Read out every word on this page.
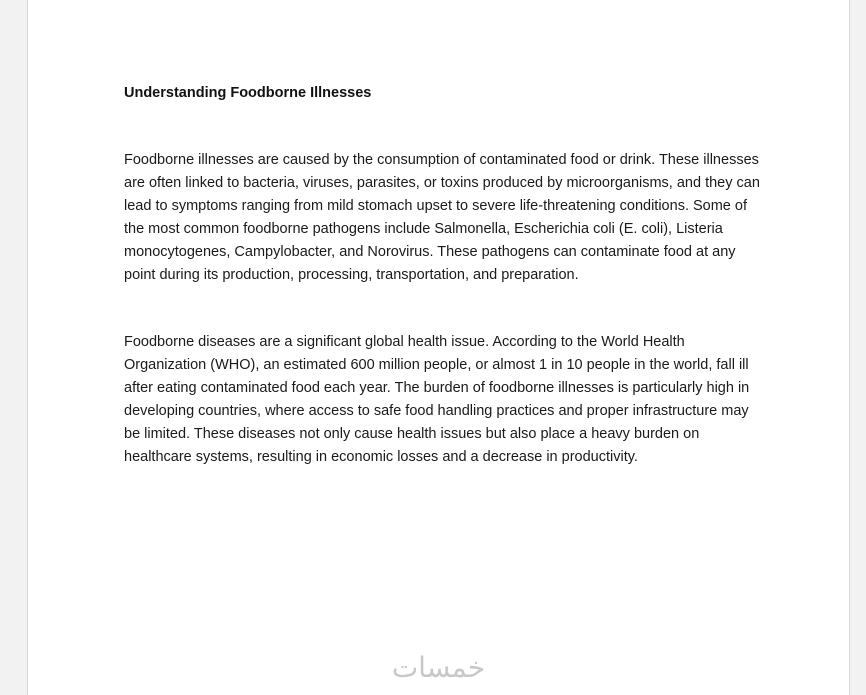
Understanding Foodborne Illnesses

Foodborne illnesses are caused by the consumption of contaminated food or drink. These illnesses are often linked to bacteria, viruses, parasites, or toxins produced by microorganisms, and they can lead to symptoms ranging from mild stomach upset to severe life-threatening conditions. Some of the most common foodborne pathogens include Salmonella, Escherichia coli (E. coli), Listeria monocytogenes, Campylobacter, and Norovirus. These pathogens can contaminate food at any point during its production, processing, transportation, and preparation.

Foodborne diseases are a significant global health issue. According to the World Health Organization (WHO), an estimated 600 million people, or almost 1 in 10 people in the world, fall ill after eating contaminated food each year. The burden of foodborne illnesses is particularly high in developing countries, where access to safe food handling practices and proper infrastructure may be limited. These diseases not only cause health issues but also place a heavy burden on healthcare systems, resulting in economic losses and a decrease in productivity.

خمسات
